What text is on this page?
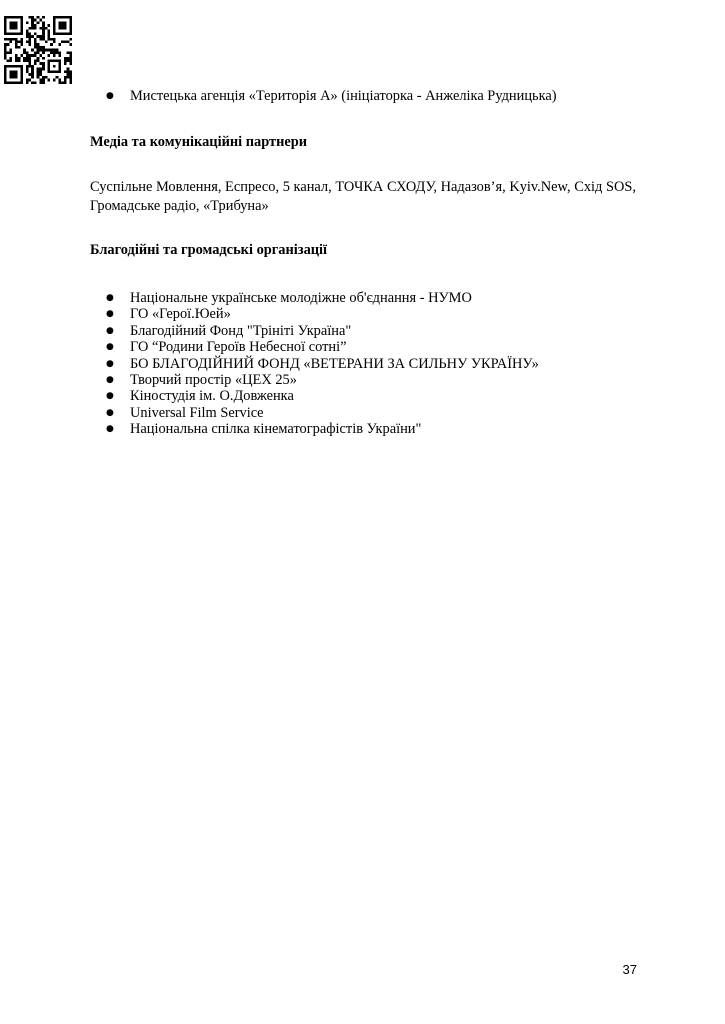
● Мистецька агенція «Територія А» (ініціаторка - Анжеліка Рудницька)
Медіа та комунікаційні партнери

Суспільне Мовлення, Еспресо, 5 канал, ТОЧКА СХОДУ, Надазов’я, Kyiv.New, Схід SOS, Громадське радіо, «Трибуна»

Благодійні та громадські організації
● Національне українське молодіжне об'єднання - НУМО
● ГО «Герої.Юей»
● Благодійний Фонд "Трініті Україна"
● ГО “Родини Героїв Небесної сотні”
● БО БЛАГОДІЙНИЙ ФОНД «ВЕТЕРАНИ ЗА СИЛЬНУ УКРАЇНУ»
● Творчий простір «ЦЕХ 25»
● Кіностудія ім. О.Довженка
● Universal Film Service
● Національна спілка кінематографістів України"
37
